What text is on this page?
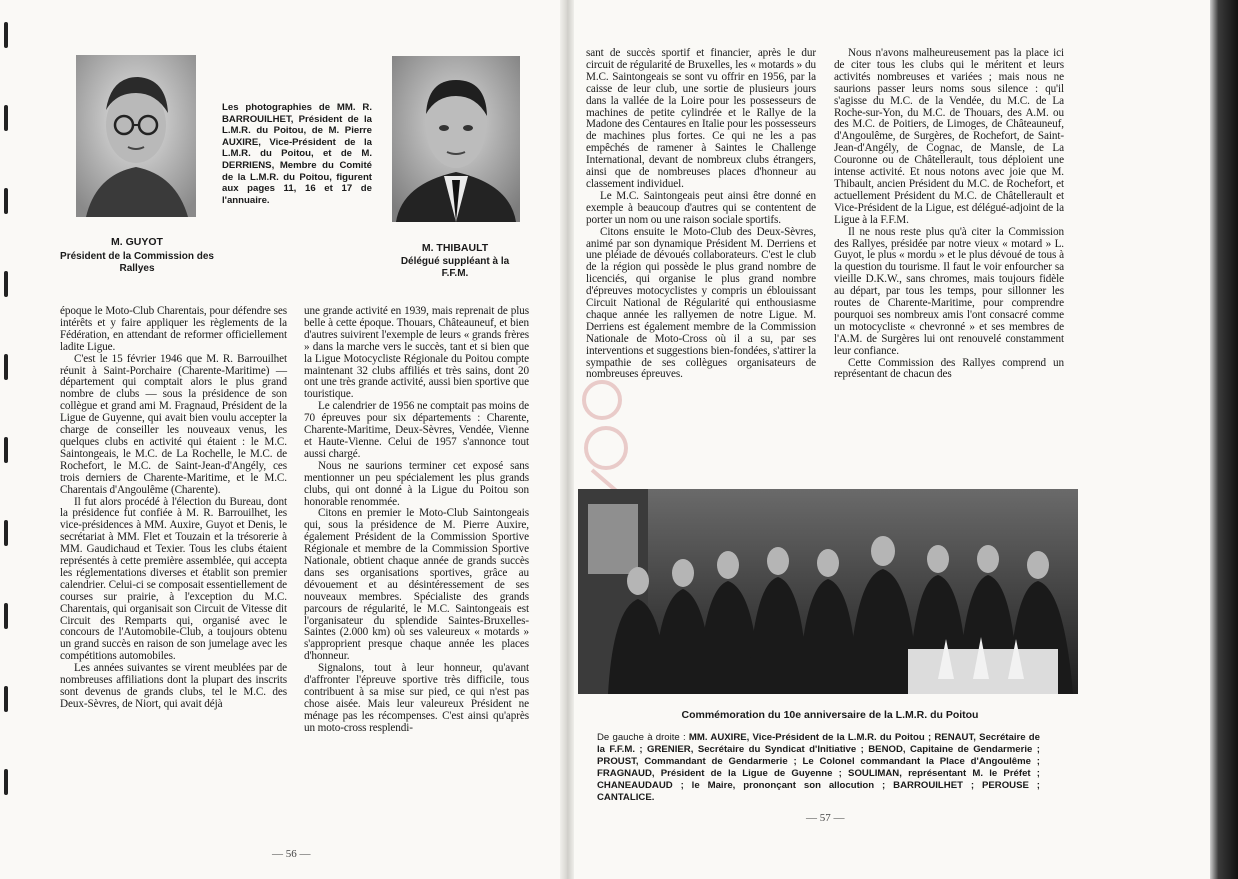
M. GUYOT
Président de la Commission des Rallyes
Les photographies de MM. R. BARROUILHET, Président de la L.M.R. du Poitou, de M. Pierre AUXIRE, Vice-Président de la L.M.R. du Poitou, et de M. DERRIENS, Membre du Comité de la L.M.R. du Poitou, figurent aux pages 11, 16 et 17 de l'annuaire.
M. THIBAULT
Délégué suppléant à la F.F.M.

époque le Moto-Club Charentais, pour défendre ses intérêts et y faire appliquer les règlements de la Fédération, en attendant de reformer officiellement ladite Ligue.

C'est le 15 février 1946 que M. R. Barrouilhet réunit à Saint-Porchaire (Charente-Maritime) — département qui comptait alors le plus grand nombre de clubs — sous la présidence de son collègue et grand ami M. Fragnaud, Président de la Ligue de Guyenne, qui avait bien voulu accepter la charge de conseiller les nouveaux venus, les quelques clubs en activité qui étaient : le M.C. Saintongeais, le M.C. de La Rochelle, le M.C. de Rochefort, le M.C. de Saint-Jean-d'Angély, ces trois derniers de Charente-Maritime, et le M.C. Charentais d'Angoulême (Charente).

Il fut alors procédé à l'élection du Bureau, dont la présidence fut confiée à M. R. Barrouilhet, les vice-présidences à MM. Auxire, Guyot et Denis, le secrétariat à MM. Flet et Touzain et la trésorerie à MM. Gaudichaud et Texier. Tous les clubs étaient représentés à cette première assemblée, qui accepta les réglementations diverses et établit son premier calendrier. Celui-ci se composait essentiellement de courses sur prairie, à l'exception du M.C. Charentais, qui organisait son Circuit de Vitesse dit Circuit des Remparts qui, organisé avec le concours de l'Automobile-Club, a toujours obtenu un grand succès en raison de son jumelage avec les compétitions automobiles.

Les années suivantes se virent meublées par de nombreuses affiliations dont la plupart des inscrits sont devenus de grands clubs, tel le M.C. des Deux-Sèvres, de Niort, qui avait déjà

une grande activité en 1939, mais reprenait de plus belle à cette époque. Thouars, Châteauneuf, et bien d'autres suivirent l'exemple de leurs « grands frères » dans la marche vers le succès, tant et si bien que la Ligue Motocycliste Régionale du Poitou compte maintenant 32 clubs affiliés et très sains, dont 20 ont une très grande activité, aussi bien sportive que touristique.

Le calendrier de 1956 ne comptait pas moins de 70 épreuves pour six départements : Charente, Charente-Maritime, Deux-Sèvres, Vendée, Vienne et Haute-Vienne. Celui de 1957 s'annonce tout aussi chargé.

Nous ne saurions terminer cet exposé sans mentionner un peu spécialement les plus grands clubs, qui ont donné à la Ligue du Poitou son honorable renommée.

Citons en premier le Moto-Club Saintongeais qui, sous la présidence de M. Pierre Auxire, également Président de la Commission Sportive Régionale et membre de la Commission Sportive Nationale, obtient chaque année de grands succès dans ses organisations sportives, grâce au dévouement et au désintéressement de ses nouveaux membres. Spécialiste des grands parcours de régularité, le M.C. Saintongeais est l'organisateur du splendide Saintes-Bruxelles-Saintes (2.000 km) où ses valeureux « motards » s'approprient presque chaque année les places d'honneur.

Signalons, tout à leur honneur, qu'avant d'affronter l'épreuve sportive très difficile, tous contribuent à sa mise sur pied, ce qui n'est pas chose aisée. Mais leur valeureux Président ne ménage pas les récompenses. C'est ainsi qu'après un moto-cross resplendi-

— 56 —

sant de succès sportif et financier, après le dur circuit de régularité de Bruxelles, les « motards » du M.C. Saintongeais se sont vu offrir en 1956, par la caisse de leur club, une sortie de plusieurs jours dans la vallée de la Loire pour les possesseurs de machines de petite cylindrée et le Rallye de la Madone des Centaures en Italie pour les possesseurs de machines plus fortes. Ce qui ne les a pas empêchés de ramener à Saintes le Challenge International, devant de nombreux clubs étrangers, ainsi que de nombreuses places d'honneur au classement individuel.

Le M.C. Saintongeais peut ainsi être donné en exemple à beaucoup d'autres qui se contentent de porter un nom ou une raison sociale sportifs.

Citons ensuite le Moto-Club des Deux-Sèvres, animé par son dynamique Président M. Derriens et une pléiade de dévoués collaborateurs. C'est le club de la région qui possède le plus grand nombre de licenciés, qui organise le plus grand nombre d'épreuves motocyclistes y compris un éblouissant Circuit National de Régularité qui enthousiasme chaque année les rallyemen de notre Ligue. M. Derriens est également membre de la Commission Nationale de Moto-Cross où il a su, par ses interventions et suggestions bien-fondées, s'attirer la sympathie de ses collègues organisateurs de nombreuses épreuves.

Nous n'avons malheureusement pas la place ici de citer tous les clubs qui le méritent et leurs activités nombreuses et variées ; mais nous ne saurions passer leurs noms sous silence : qu'il s'agisse du M.C. de la Vendée, du M.C. de La Roche-sur-Yon, du M.C. de Thouars, des A.M. ou des M.C. de Poitiers, de Limoges, de Châteauneuf, d'Angoulême, de Surgères, de Rochefort, de Saint-Jean-d'Angély, de Cognac, de Mansle, de La Couronne ou de Châtellerault, tous déploient une intense activité. Et nous notons avec joie que M. Thibault, ancien Président du M.C. de Rochefort, et actuellement Président du M.C. de Châtellerault et Vice-Président de la Ligue, est délégué-adjoint de la Ligue à la F.F.M.

Il ne nous reste plus qu'à citer la Commission des Rallyes, présidée par notre vieux « motard » L. Guyot, le plus « mordu » et le plus dévoué de tous à la question du tourisme. Il faut le voir enfourcher sa vieille D.K.W., sans chromes, mais toujours fidèle au départ, par tous les temps, pour sillonner les routes de Charente-Maritime, pour comprendre pourquoi ses nombreux amis l'ont consacré comme un motocycliste « chevronné » et ses membres de l'A.M. de Surgères lui ont renouvelé constamment leur confiance.

Cette Commission des Rallyes comprend un représentant de chacun des

Commémoration du 10e anniversaire de la L.M.R. du Poitou
De gauche à droite : MM. AUXIRE, Vice-Président de la L.M.R. du Poitou ; RENAUT, Secrétaire de la F.F.M. ; GRENIER, Secrétaire du Syndicat d'Initiative ; BENOD, Capitaine de Gendarmerie ; PROUST, Commandant de Gendarmerie ; Le Colonel commandant la Place d'Angoulême ; FRAGNAUD, Président de la Ligue de Guyenne ; SOULIMAN, représentant M. le Préfet ; CHANEAUDAUD ; le Maire, prononçant son allocution ; BARROUILHET ; PEROUSE ; CANTALICE.
— 57 —
